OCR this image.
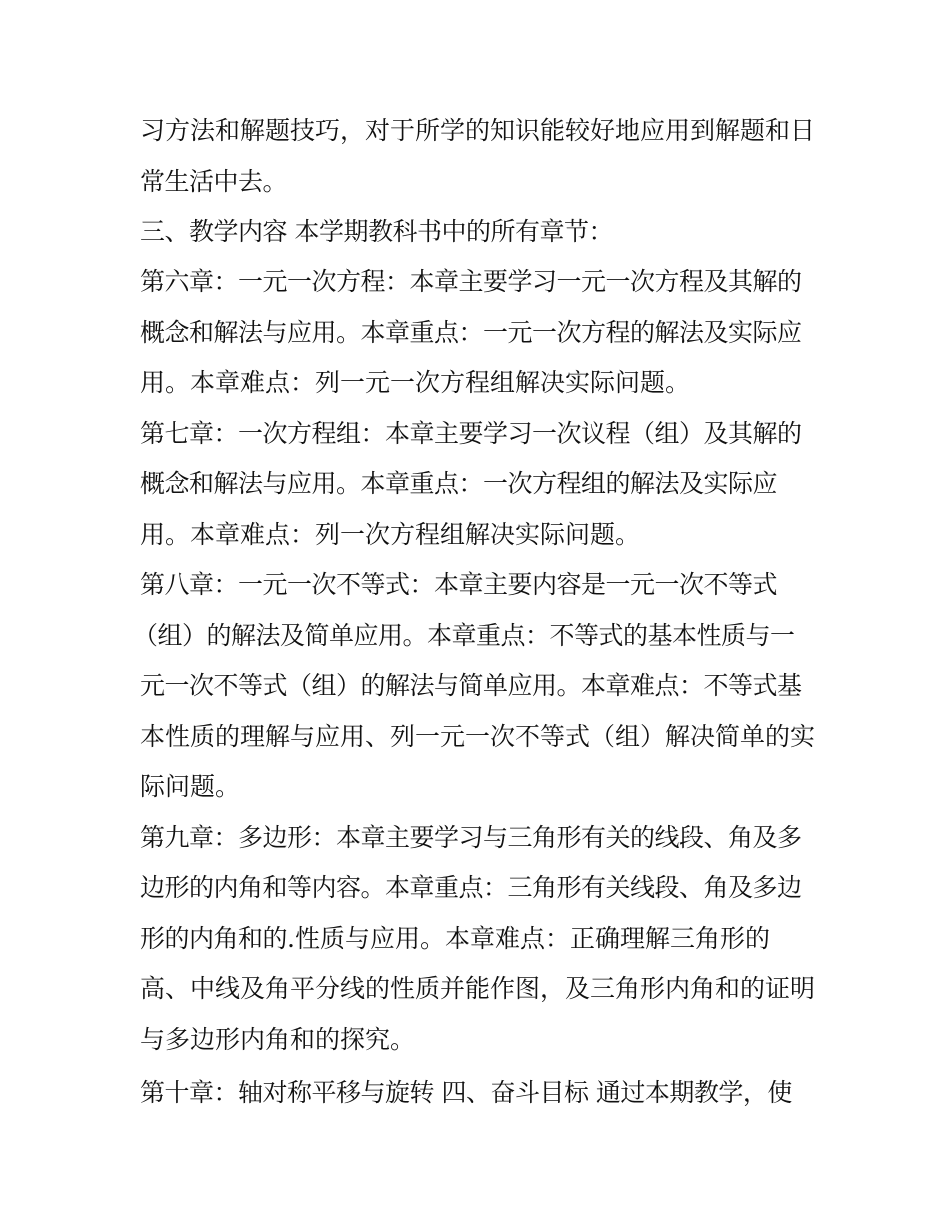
习方法和解题技巧，对于所学的知识能较好地应用到解题和日
常生活中去。
三、教学内容 本学期教科书中的所有章节：
第六章：一元一次方程：本章主要学习一元一次方程及其解的
概念和解法与应用。本章重点：一元一次方程的解法及实际应
用。本章难点：列一元一次方程组解决实际问题。
第七章：一次方程组：本章主要学习一次议程（组）及其解的
概念和解法与应用。本章重点：一次方程组的解法及实际应
用。本章难点：列一次方程组解决实际问题。
第八章：一元一次不等式：本章主要内容是一元一次不等式
（组）的解法及简单应用。本章重点：不等式的基本性质与一
元一次不等式（组）的解法与简单应用。本章难点：不等式基
本性质的理解与应用、列一元一次不等式（组）解决简单的实
际问题。
第九章：多边形：本章主要学习与三角形有关的线段、角及多
边形的内角和等内容。本章重点：三角形有关线段、角及多边
形的内角和的.性质与应用。本章难点：正确理解三角形的
高、中线及角平分线的性质并能作图，及三角形内角和的证明
与多边形内角和的探究。
第十章：轴对称平移与旋转 四、奋斗目标 通过本期教学，使
